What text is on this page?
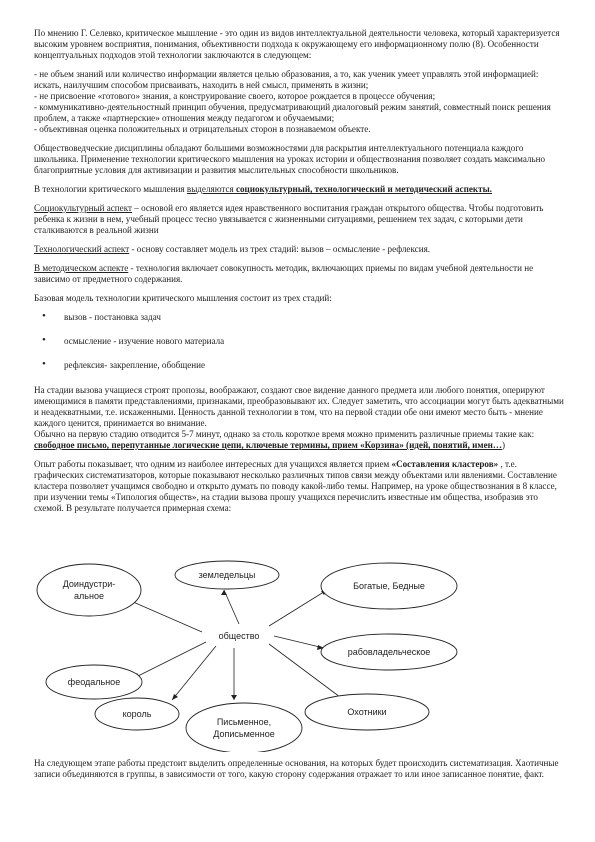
По мнению Г. Селевко, критическое мышление - это один из видов интеллектуальной деятельности человека, который характеризуется высоким уровнем восприятия, понимания, объективности подхода к окружающему его информационному полю (8). Особенности концептуальных подходов этой технологии заключаются в следующем:

- не объем знаний или количество информации является целью образования, а то, как ученик умеет управлять этой информацией: искать, наилучшим способом присваивать, находить в ней смысл, применять в жизни;
- не присвоение «готового» знания, а конструирование своего, которое рождается в процессе обучения;
- коммуникативно-деятельностный принцип обучения, предусматривающий диалоговый режим занятий, совместный поиск решения проблем, а также «партнерские» отношения между педагогом и обучаемыми;
- объективная оценка положительных и отрицательных сторон в познаваемом объекте.

Обществоведческие дисциплины обладают большими возможностями для раскрытия интеллектуального потенциала каждого школьника. Применение технологии критического мышления на уроках истории и обществознания позволяет создать максимально благоприятные условия для активизации и развития мыслительных способности школьников.

В технологии критического мышления выделяются социокультурный, технологический и методический аспекты.

Социокультурный аспект – основой его является идея нравственного воспитания граждан открытого общества. Чтобы подготовить ребенка к жизни в нем, учебный процесс тесно увязывается с жизненными ситуациями, решением тех задач, с которыми дети сталкиваются в реальной жизни

Технологический аспект - основу составляет модель из трех стадий: вызов – осмысление - рефлексия.

В методическом аспекте - технология включает совокупность методик, включающих приемы по видам учебной деятельности не зависимо от предметного содержания.

Базовая модель технологии критического мышления состоит из трех стадий:

• вызов - постановка задач
• осмысление - изучение нового материала
• рефлексия- закрепление, обобщение

На стадии вызова учащиеся строят пропозы, воображают, создают свое видение данного предмета или любого понятия, оперируют имеющимися в памяти представлениями, признаками, преобразовывают их. Следует заметить, что ассоциации могут быть адекватными и неадекватными, т.е. искаженными. Ценность данной технологии в том, что на первой стадии обе они имеют место быть - мнение каждого ценится, принимается во внимание.
Обычно на первую стадию отводится 5-7 минут, однако за столь короткое время можно применить различные приемы такие как: свободное письмо, перепутанные логические цепи, ключевые термины, прием «Корзина» (идей, понятий, имен…)

Опыт работы показывает, что одним из наиболее интересных для учащихся является прием «Составления кластеров» , т.е. графических систематизаторов, которые показывают несколько различных типов связи между объектами или явлениями. Составление кластера позволяет учащимся свободно и открыто думать по поводу какой-либо темы. Например, на уроке обществознания в 8 классе, при изучении темы «Типология обществ», на стадии вызова прошу учащихся перечислить известные им общества, изобразив это схемой. В результате получается примерная схема:

общество
Доиндустри-
альное
земледельцы
Богатые, Бедные
рабовладельческое
феодальное
король
Письменное,
Дописьменное
Охотники

На следующем этапе работы предстоит выделить определенные основания, на которых будет происходить систематизация. Хаотичные записи объединяются в группы, в зависимости от того, какую сторону содержания отражает то или иное записанное понятие, факт.
